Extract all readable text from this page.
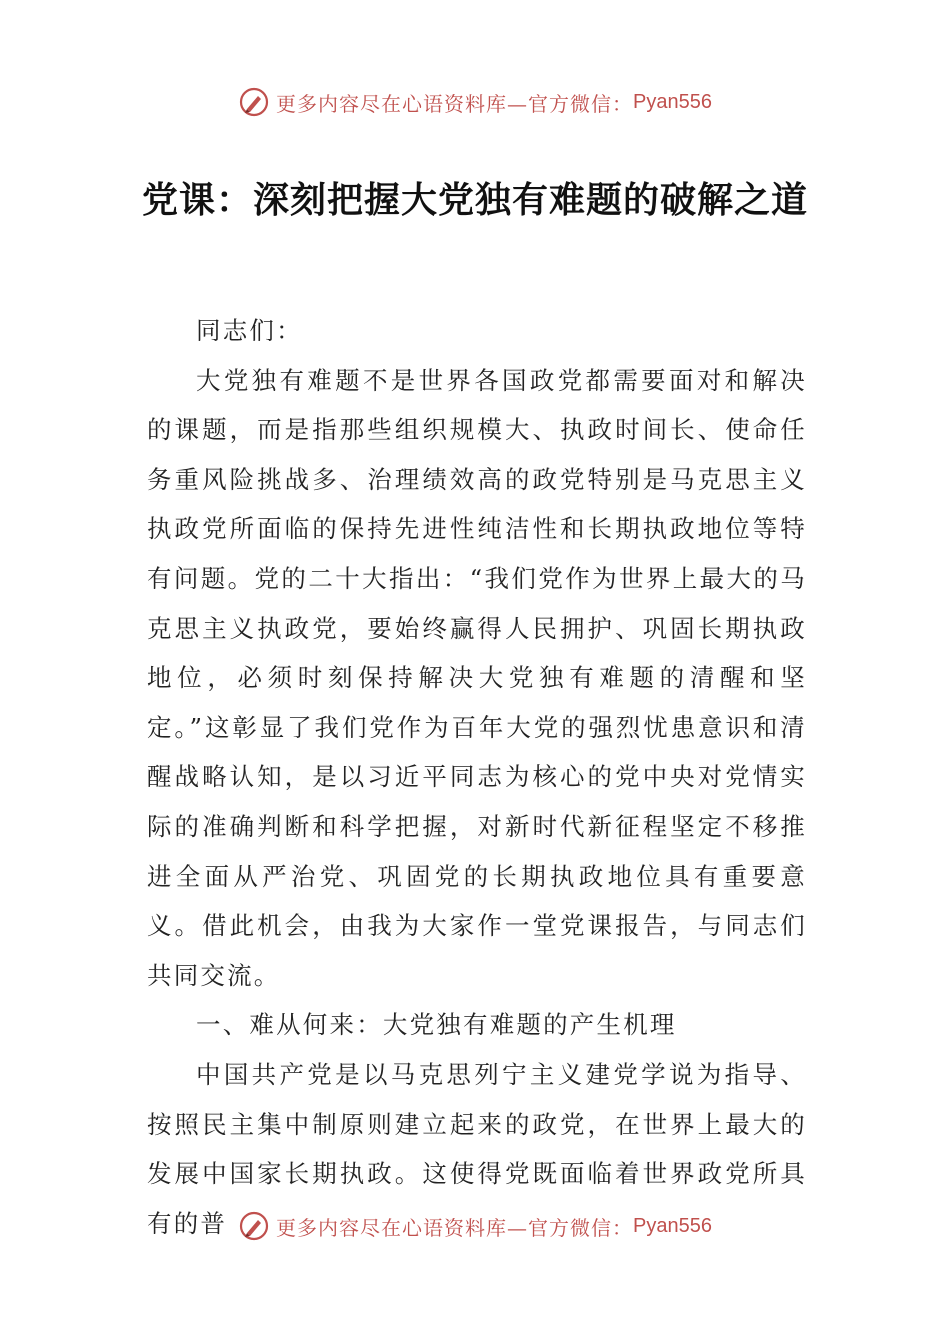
更多内容尽在心语资料库—官方微信： Pyan556
党课：深刻把握大党独有难题的破解之道

同志们：

大党独有难题不是世界各国政党都需要面对和解决的课题，而是指那些组织规模大、执政时间长、使命任务重风险挑战多、治理绩效高的政党特别是马克思主义执政党所面临的保持先进性纯洁性和长期执政地位等特有问题。党的二十大指出：“我们党作为世界上最大的马克思主义执政党，要始终赢得人民拥护、巩固长期执政地位，必须时刻保持解决大党独有难题的清醒和坚定。”这彰显了我们党作为百年大党的强烈忧患意识和清醒战略认知，是以习近平同志为核心的党中央对党情实际的准确判断和科学把握，对新时代新征程坚定不移推进全面从严治党、巩固党的长期执政地位具有重要意义。借此机会，由我为大家作一堂党课报告，与同志们共同交流。

一、难从何来：大党独有难题的产生机理

中国共产党是以马克思列宁主义建党学说为指导、按照民主集中制原则建立起来的政党，在世界上最大的发展中国家长期执政。这使得党既面临着世界政党所具有的普	更多内容尽在心语资料库—官方微信： Pyan556
